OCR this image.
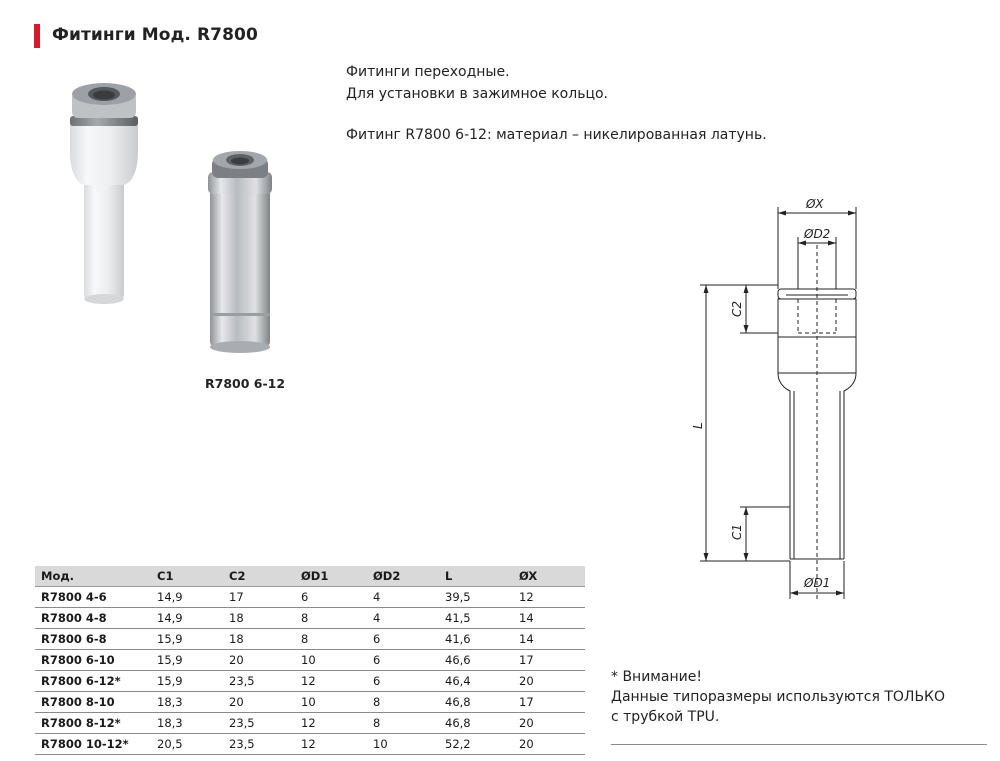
Фитинги Мод. R7800
Фитинги переходные.
Для установки в зажимное кольцо.
Фитинг R7800 6-12: материал – никелированная латунь.
R7800 6-12
ØX
ØD2
C2
L
C1
ØD1
Мод.	C1	C2	ØD1	ØD2	L	ØX
R7800 4-6	14,9	17	6	4	39,5	12
R7800 4-8	14,9	18	8	4	41,5	14
R7800 6-8	15,9	18	8	6	41,6	14
R7800 6-10	15,9	20	10	6	46,6	17
R7800 6-12*	15,9	23,5	12	6	46,4	20
R7800 8-10	18,3	20	10	8	46,8	17
R7800 8-12*	18,3	23,5	12	8	46,8	20
R7800 10-12*	20,5	23,5	12	10	52,2	20
* Внимание!
Данные типоразмеры используются ТОЛЬКО
с трубкой TPU.
